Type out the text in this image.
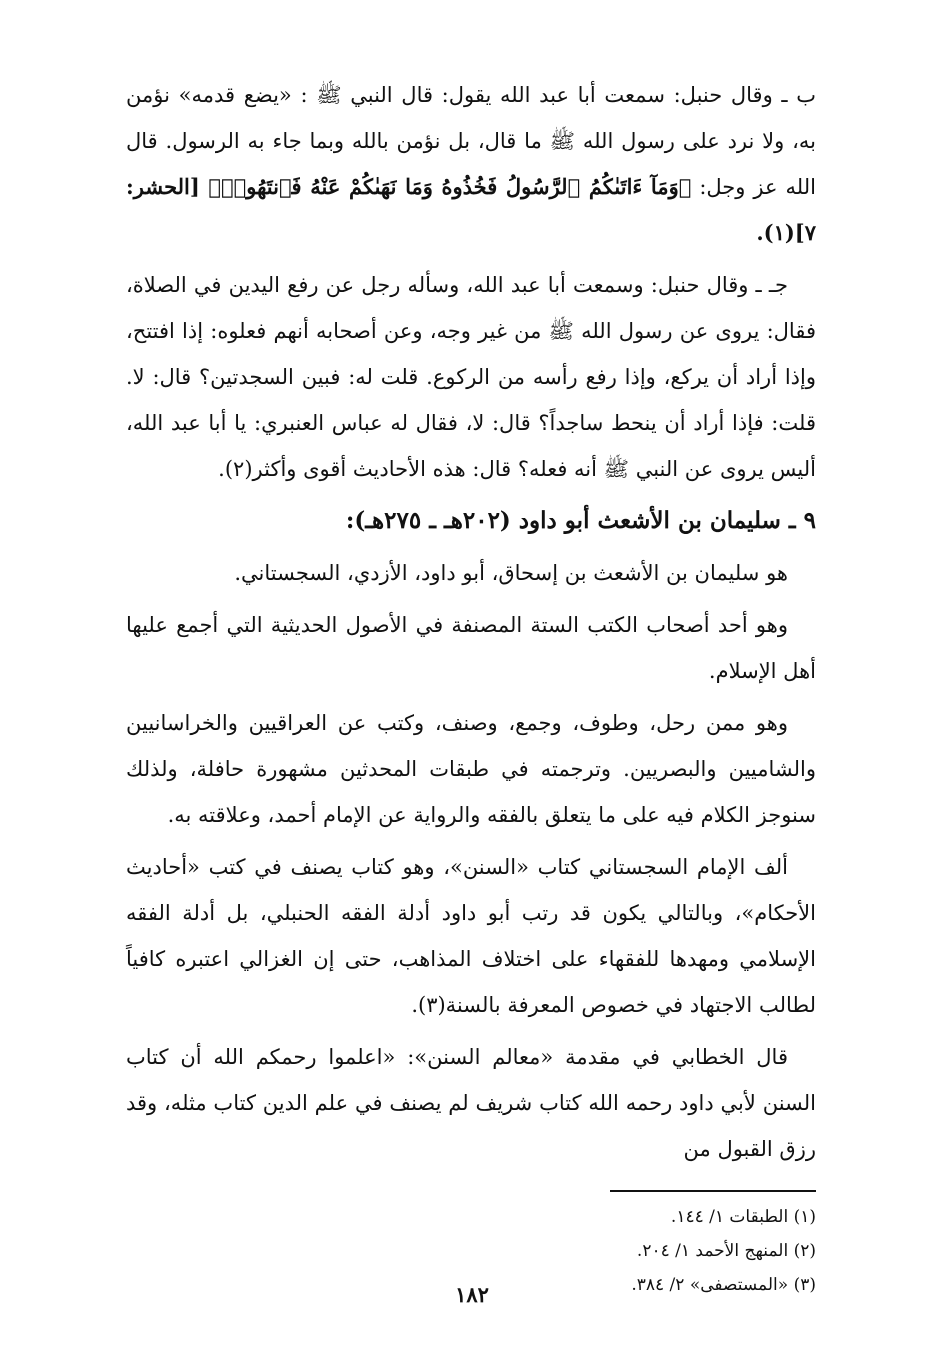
ب ـ وقال حنبل: سمعت أبا عبد الله يقول: قال النبي ﷺ : «يضع قدمه» نؤمن به، ولا نرد على رسول الله ﷺ ما قال، بل نؤمن بالله وبما جاء به الرسول. قال الله عز وجل: ﴿وَمَآ ءَاتَىٰكُمُ ٱلرَّسُولُ فَخُذُوهُ وَمَا نَهَىٰكُمْ عَنْهُ فَٱنتَهُوا۟﴾ [الحشر: ٧](١).

جـ ـ وقال حنبل: وسمعت أبا عبد الله، وسأله رجل عن رفع اليدين في الصلاة، فقال: يروى عن رسول الله ﷺ من غير وجه، وعن أصحابه أنهم فعلوه: إذا افتتح، وإذا أراد أن يركع، وإذا رفع رأسه من الركوع. قلت له: فبين السجدتين؟ قال: لا. قلت: فإذا أراد أن ينحط ساجداً؟ قال: لا، فقال له عباس العنبري: يا أبا عبد الله، أليس يروى عن النبي ﷺ أنه فعله؟ قال: هذه الأحاديث أقوى وأكثر(٢).

٩ ـ سليمان بن الأشعث أبو داود (٢٠٢هـ ـ ٢٧٥هـ):

هو سليمان بن الأشعث بن إسحاق، أبو داود، الأزدي، السجستاني.

وهو أحد أصحاب الكتب الستة المصنفة في الأصول الحديثية التي أجمع عليها أهل الإسلام.

وهو ممن رحل، وطوف، وجمع، وصنف، وكتب عن العراقيين والخراسانيين والشاميين والبصريين. وترجمته في طبقات المحدثين مشهورة حافلة، ولذلك سنوجز الكلام فيه على ما يتعلق بالفقه والرواية عن الإمام أحمد، وعلاقته به.

ألف الإمام السجستاني كتاب «السنن»، وهو كتاب يصنف في كتب «أحاديث الأحكام»، وبالتالي يكون قد رتب أبو داود أدلة الفقه الحنبلي، بل أدلة الفقه الإسلامي ومهدها للفقهاء على اختلاف المذاهب، حتى إن الغزالي اعتبره كافياً لطالب الاجتهاد في خصوص المعرفة بالسنة(٣).

قال الخطابي في مقدمة «معالم السنن»: «اعلموا رحمكم الله أن كتاب السنن لأبي داود رحمه الله كتاب شريف لم يصنف في علم الدين كتاب مثله، وقد رزق القبول من

(١) الطبقات ١/ ١٤٤.

(٢) المنهج الأحمد ١/ ٢٠٤.

(٣) «المستصفى» ٢/ ٣٨٤.

١٨٢
